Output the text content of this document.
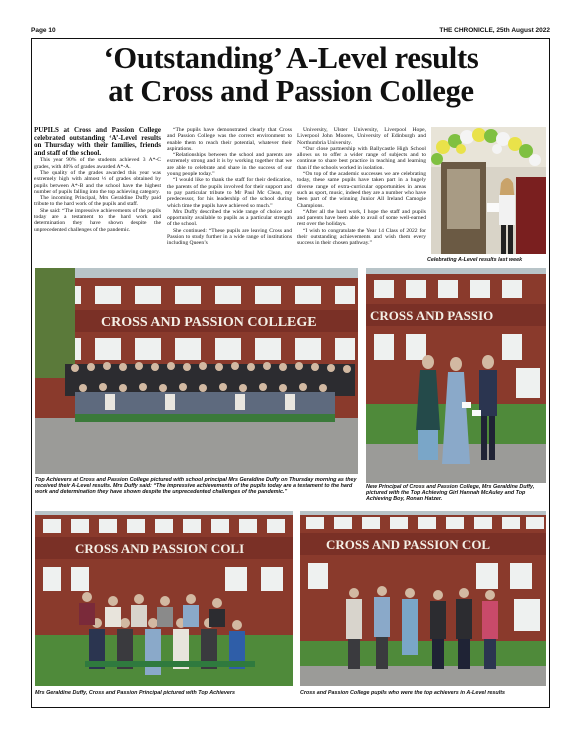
Page 10	THE CHRONICLE, 25th August 2022
‘Outstanding’ A-Level results
at Cross and Passion College

PUPILS at Cross and Passion College celebrated outstanding ‘A’-Level results on Thursday with their families, friends and staff of the school.

This year 90% of the students achieved 3 A*-C grades, with 40% of grades awarded A*-A.

The quality of the grades awarded this year was extremely high with almost ⅓ of grades obtained by pupils between A*-B and the school have the highest number of pupils falling into the top achieving category.

The incoming Principal, Mrs Geraldine Duffy paid tribute to the hard work of the pupils and staff.

She said: “The impressive achievements of the pupils today are a testament to the hard work and determination they have shown despite the unprecedented challenges of the pandemic.

“The pupils have demonstrated clearly that Cross and Passion College was the correct environment to enable them to reach their potential, whatever their aspirations.

“Relationships between the school and parents are extremely strong and it is by working together that we are able to celebrate and share in the success of our young people today.”

“I would like to thank the staff for their dedication, the parents of the pupils involved for their support and to pay particular tribute to Mr Paul Mc Clean, my predecessor, for his leadership of the school during which time the pupils have achieved so much.”

Mrs Duffy described the wide range of choice and opportunity available to pupils as a particular strength of the school.

She continued: “These pupils are leaving Cross and Passion to study further in a wide range of institutions including Queen’s

University, Ulster University, Liverpool Hope, Liverpool John Moores, University of Edinburgh and Northumbria University.

“Our close partnership with Ballycastle High School allows us to offer a wider range of subjects and to continue to share best practice in teaching and learning than if the schools worked in isolation.

“On top of the academic successes we are celebrating today, these same pupils have taken part in a hugely diverse range of extra-curricular opportunities in areas such as sport, music, indeed they are a number who have been part of the winning Junior All Ireland Camogie Champions.

“After all the hard work, I hope the staff and pupils and parents have been able to avail of some well-earned rest over the holidays.

“I wish to congratulate the Year 14 Class of 2022 for their outstanding achievements and wish them every success in their chosen pathway.”

Celebrating A-Level results last week
CROSS AND PASSION COLLEGE
Top Achievers at Cross and Passion College pictured with school principal Mrs Geraldine Duffy on Thursday morning as they received their A-Level results. Mrs Duffy said: “The impressive achievements of the pupils today are a testament to the hard work and determination they have shown despite the unprecedented challenges of the pandemic.”
CROSS AND PASSIO
New Principal of Cross and Passion College, Mrs Geraldine Duffy, pictured with the Top Achieving Girl Hannah McAuley and Top Achieving Boy, Ronan Hatzer.
CROSS AND PASSION COLI
Mrs Geraldine Duffy, Cross and Passion Principal pictured with Top Achievers
CROSS AND PASSION COL
Cross and Passion College pupils who were the top achievers in A-Level results
